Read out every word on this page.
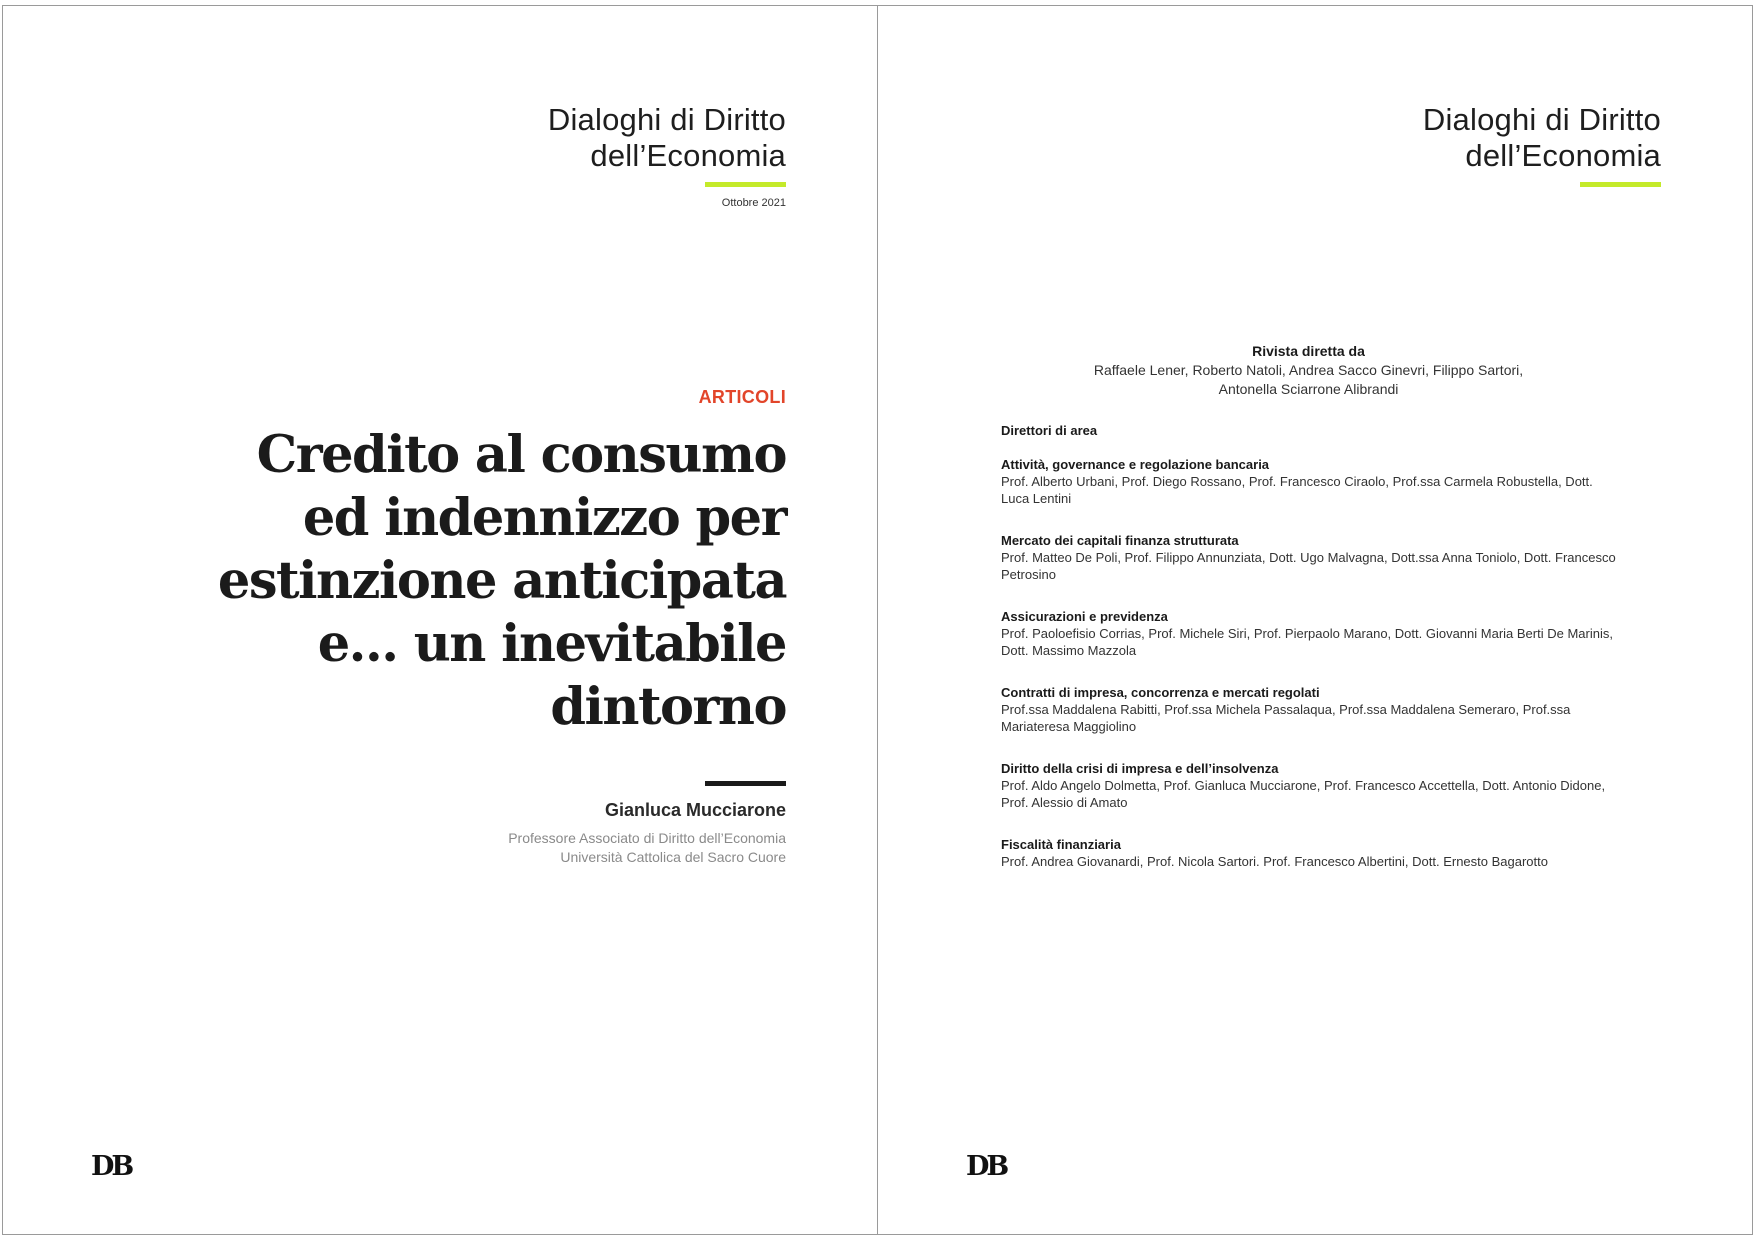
Dialoghi di Diritto
dell’Economia
Ottobre 2021
ARTICOLI
Credito al consumo
ed indennizzo per
estinzione anticipata
e... un inevitabile
dintorno
Gianluca Mucciarone
Professore Associato di Diritto dell’Economia
Università Cattolica del Sacro Cuore
DB
Dialoghi di Diritto
dell’Economia
Rivista diretta da
Raffaele Lener, Roberto Natoli, Andrea Sacco Ginevri, Filippo Sartori,
Antonella Sciarrone Alibrandi
Direttori di area
Attività, governance e regolazione bancaria
Prof. Alberto Urbani, Prof. Diego Rossano, Prof. Francesco Ciraolo, Prof.ssa Carmela Robustella, Dott. Luca Lentini
Mercato dei capitali finanza strutturata
Prof. Matteo De Poli, Prof. Filippo Annunziata, Dott. Ugo Malvagna, Dott.ssa Anna Toniolo, Dott. Francesco Petrosino
Assicurazioni e previdenza
Prof. Paoloefisio Corrias, Prof. Michele Siri, Prof. Pierpaolo Marano, Dott. Giovanni Maria Berti De Marinis, Dott. Massimo Mazzola
Contratti di impresa, concorrenza e mercati regolati
Prof.ssa Maddalena Rabitti, Prof.ssa Michela Passalaqua, Prof.ssa Maddalena Semeraro, Prof.ssa Mariateresa Maggiolino
Diritto della crisi di impresa e dell’insolvenza
Prof. Aldo Angelo Dolmetta, Prof. Gianluca Mucciarone, Prof. Francesco Accettella, Dott. Antonio Didone, Prof. Alessio di Amato
Fiscalità finanziaria
Prof. Andrea Giovanardi, Prof. Nicola Sartori. Prof. Francesco Albertini, Dott. Ernesto Bagarotto
DB
